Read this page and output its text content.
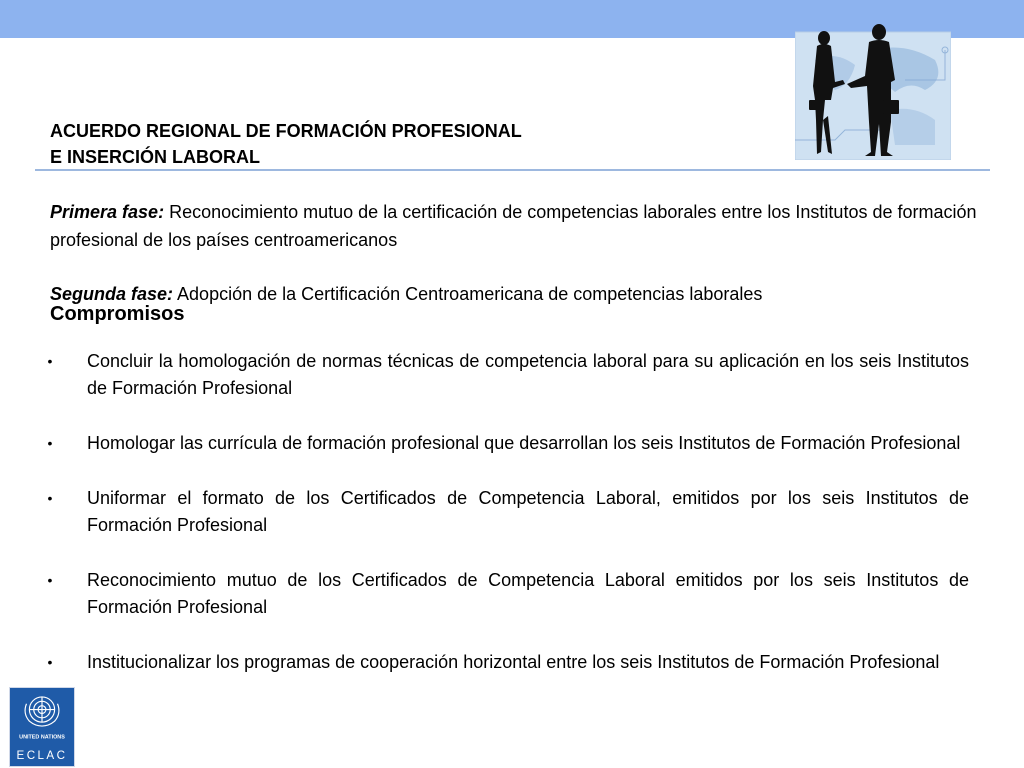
ACUERDO REGIONAL DE FORMACIÓN PROFESIONAL
E INSERCIÓN LABORAL
Primera fase: Reconocimiento mutuo de la certificación de competencias laborales entre los Institutos de formación profesional de los países centroamericanos
Segunda fase: Adopción de la Certificación Centroamericana de competencias laborales
Compromisos
• Concluir la homologación de normas técnicas de competencia laboral para su aplicación en los seis Institutos de Formación Profesional
• Homologar las currícula de formación profesional que desarrollan los seis Institutos de Formación Profesional
• Uniformar el formato de los Certificados de Competencia Laboral, emitidos por los seis Institutos de Formación Profesional
• Reconocimiento mutuo de los Certificados de Competencia Laboral emitidos por los seis Institutos de Formación Profesional
• Institucionalizar los programas de cooperación horizontal entre los seis Institutos de Formación Profesional
UNITED NATIONS
ECLAC
